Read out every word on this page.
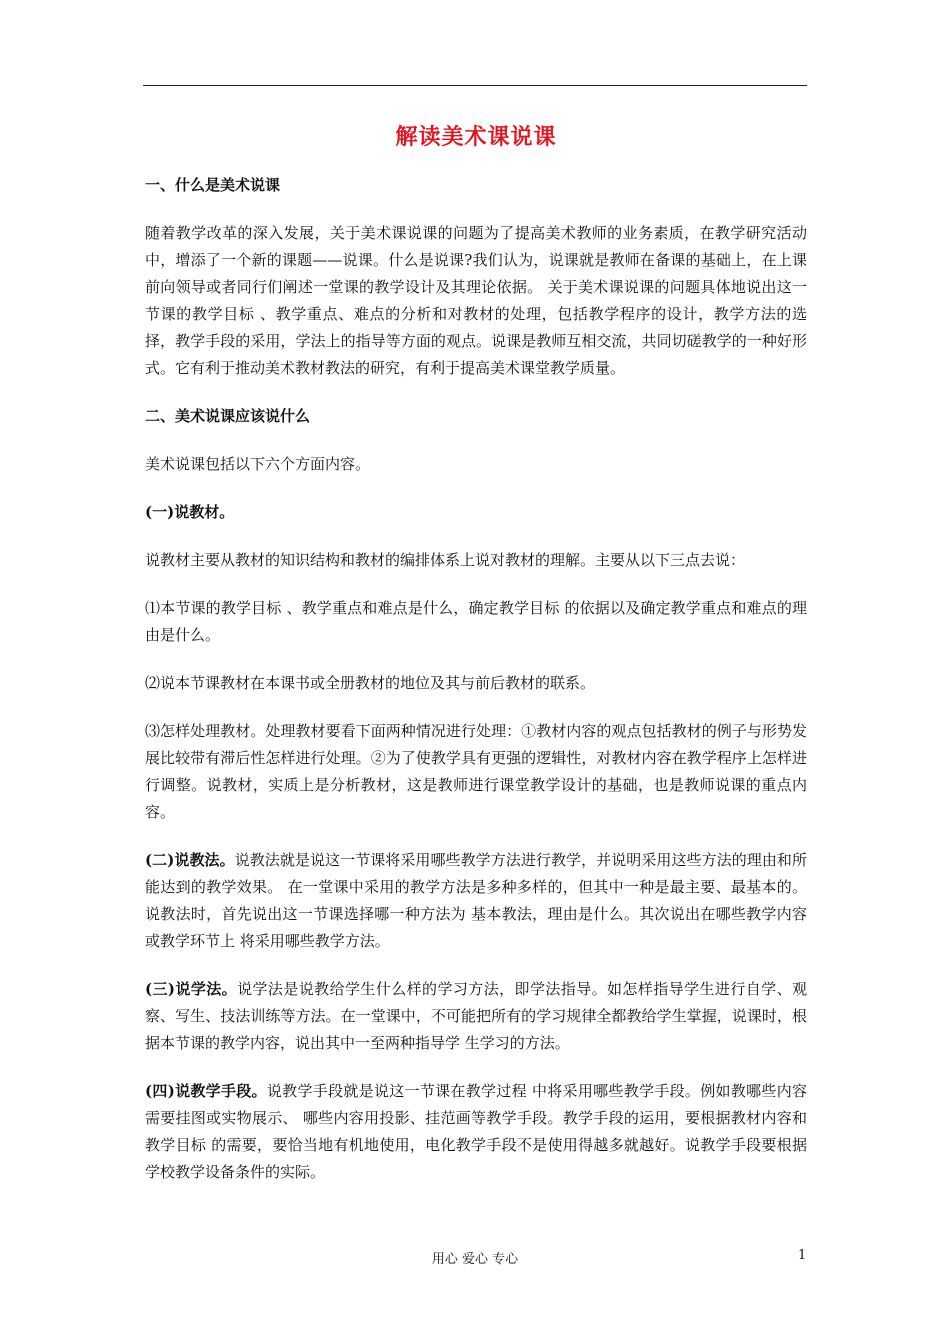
解读美术课说课
一、什么是美术说课
随着教学改革的深入发展，关于美术课说课的问题为了提高美术教师的业务素质，在教学研究活动中，增添了一个新的课题——说课。什么是说课?我们认为，说课就是教师在备课的基础上，在上课前向领导或者同行们阐述一堂课的教学设计及其理论依据。 关于美术课说课的问题具体地说出这一节课的教学目标 、教学重点、难点的分析和对教材的处理，包括教学程序的设计，教学方法的选择，教学手段的采用，学法上的指导等方面的观点。说课是教师互相交流，共同切磋教学的一种好形式。它有利于推动美术教材教法的研究，有利于提高美术课堂教学质量。
二、美术说课应该说什么
美术说课包括以下六个方面内容。
(一)说教材。
说教材主要从教材的知识结构和教材的编排体系上说对教材的理解。主要从以下三点去说：
⑴本节课的教学目标 、教学重点和难点是什么，确定教学目标 的依据以及确定教学重点和难点的理由是什么。
⑵说本节课教材在本课书或全册教材的地位及其与前后教材的联系。
⑶怎样处理教材。处理教材要看下面两种情况进行处理：①教材内容的观点包括教材的例子与形势发展比较带有滞后性怎样进行处理。②为了使教学具有更强的逻辑性，对教材内容在教学程序上怎样进行调整。说教材，实质上是分析教材，这是教师进行课堂教学设计的基础，也是教师说课的重点内容。
(二)说教法。说教法就是说这一节课将采用哪些教学方法进行教学，并说明采用这些方法的理由和所能达到的教学效果。 在一堂课中采用的教学方法是多种多样的，但其中一种是最主要、最基本的。说教法时，首先说出这一节课选择哪一种方法为 基本教法，理由是什么。其次说出在哪些教学内容或教学环节上 将采用哪些教学方法。
(三)说学法。说学法是说教给学生什么样的学习方法，即学法指导。如怎样指导学生进行自学、观察、写生、技法训练等方法。在一堂课中，不可能把所有的学习规律全都教给学生掌握，说课时，根据本节课的教学内容，说出其中一至两种指导学 生学习的方法。
(四)说教学手段。说教学手段就是说这一节课在教学过程 中将采用哪些教学手段。例如教哪些内容需要挂图或实物展示、 哪些内容用投影、挂范画等教学手段。教学手段的运用，要根据教材内容和教学目标 的需要，要恰当地有机地使用，电化教学手段不是使用得越多就越好。说教学手段要根据学校教学设备条件的实际。
用心 爱心 专心	1
